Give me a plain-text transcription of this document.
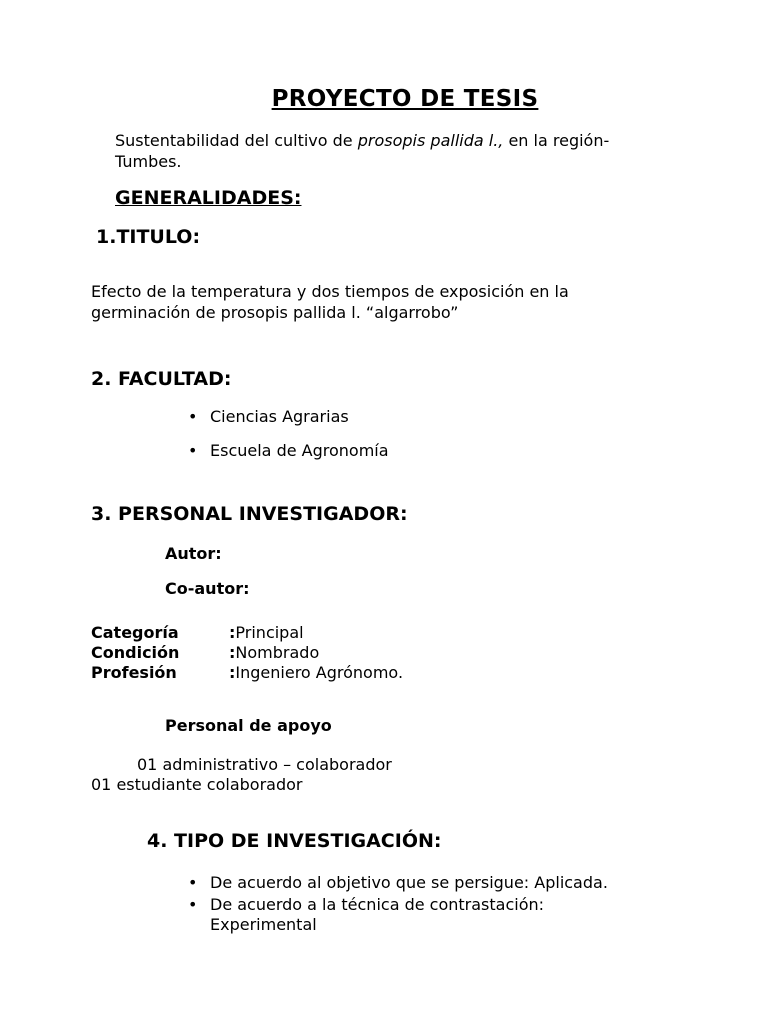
PROYECTO DE TESIS
Sustentabilidad del cultivo de prosopis pallida l., en la región-
Tumbes.
GENERALIDADES:
1.TITULO:
Efecto de la temperatura y dos tiempos de exposición en la
germinación de prosopis pallida l. “algarrobo”
2. FACULTAD:
• Ciencias Agrarias
• Escuela de Agronomía
3. PERSONAL INVESTIGADOR:
Autor:
Co-autor:
Categoría	:Principal
Condición	:Nombrado
Profesión	:Ingeniero Agrónomo.
Personal de apoyo
01 administrativo – colaborador
01 estudiante colaborador
4. TIPO DE INVESTIGACIÓN:
• De acuerdo al objetivo que se persigue: Aplicada.
• De acuerdo a la técnica de contrastación:
Experimental
